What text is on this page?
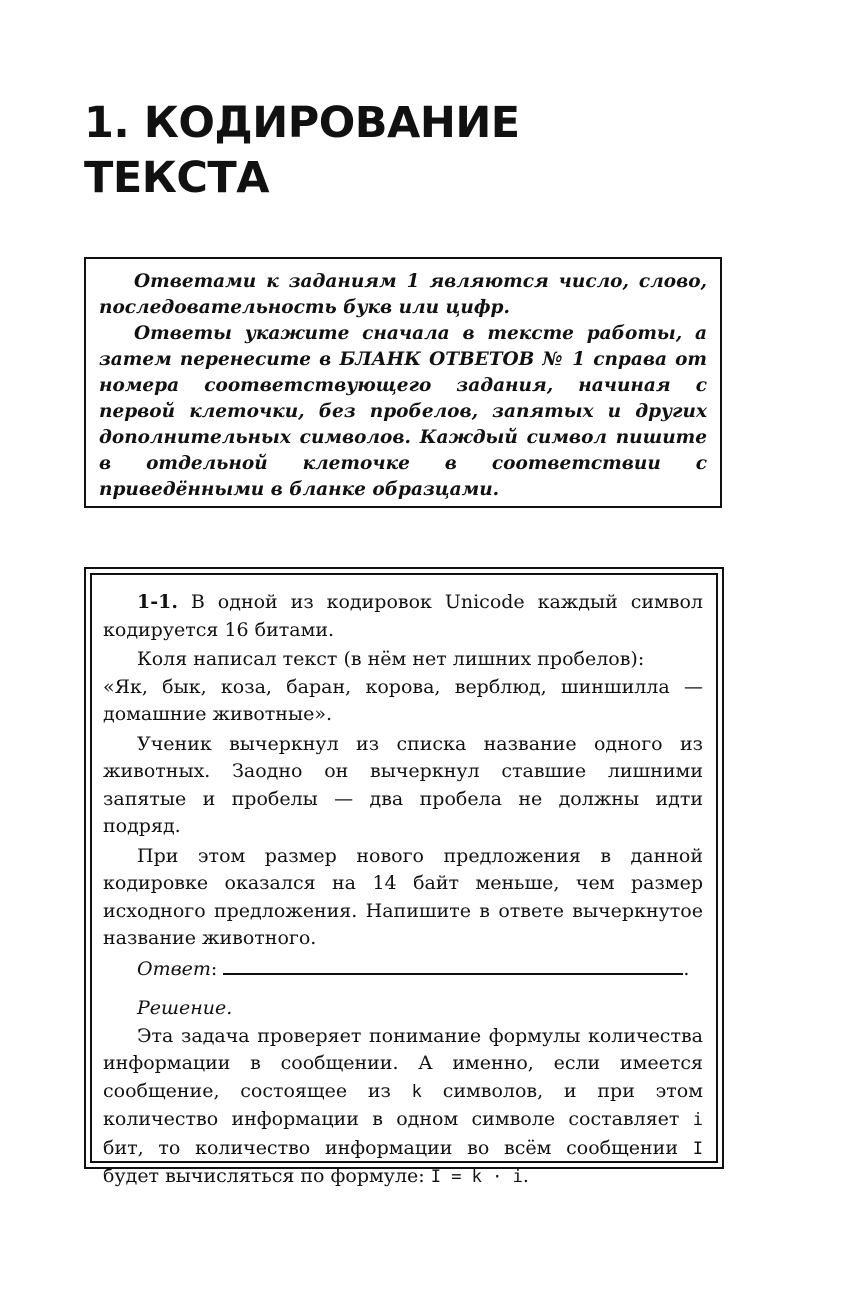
1. КОДИРОВАНИЕ
ТЕКСТА

Ответами к заданиям 1 являются число, слово, последовательность букв или цифр.

Ответы укажите сначала в тексте работы, а затем перенесите в БЛАНК ОТВЕТОВ № 1 справа от номера соответствующего задания, начиная с первой клеточки, без пробелов, запятых и других дополнительных символов. Каждый символ пишите в отдельной клеточке в соответствии с приведёнными в бланке образцами.

1-1. В одной из кодировок Unicode каждый символ кодируется 16 битами.

Коля написал текст (в нём нет лишних пробелов):

«Як, бык, коза, баран, корова, верблюд, шиншилла — домашние животные».

Ученик вычеркнул из списка название одного из животных. Заодно он вычеркнул ставшие лишними запятые и пробелы — два пробела не должны идти подряд.

При этом размер нового предложения в данной кодировке оказался на 14 байт меньше, чем размер исходного предложения. Напишите в ответе вычеркнутое название животного.

Ответ:	.

Решение.

Эта задача проверяет понимание формулы количества информации в сообщении. А именно, если имеется сообщение, состоящее из k символов, и при этом количество информации в одном символе составляет i бит, то количество информации во всём сообщении I будет вычисляться по формуле: I = k · i.
